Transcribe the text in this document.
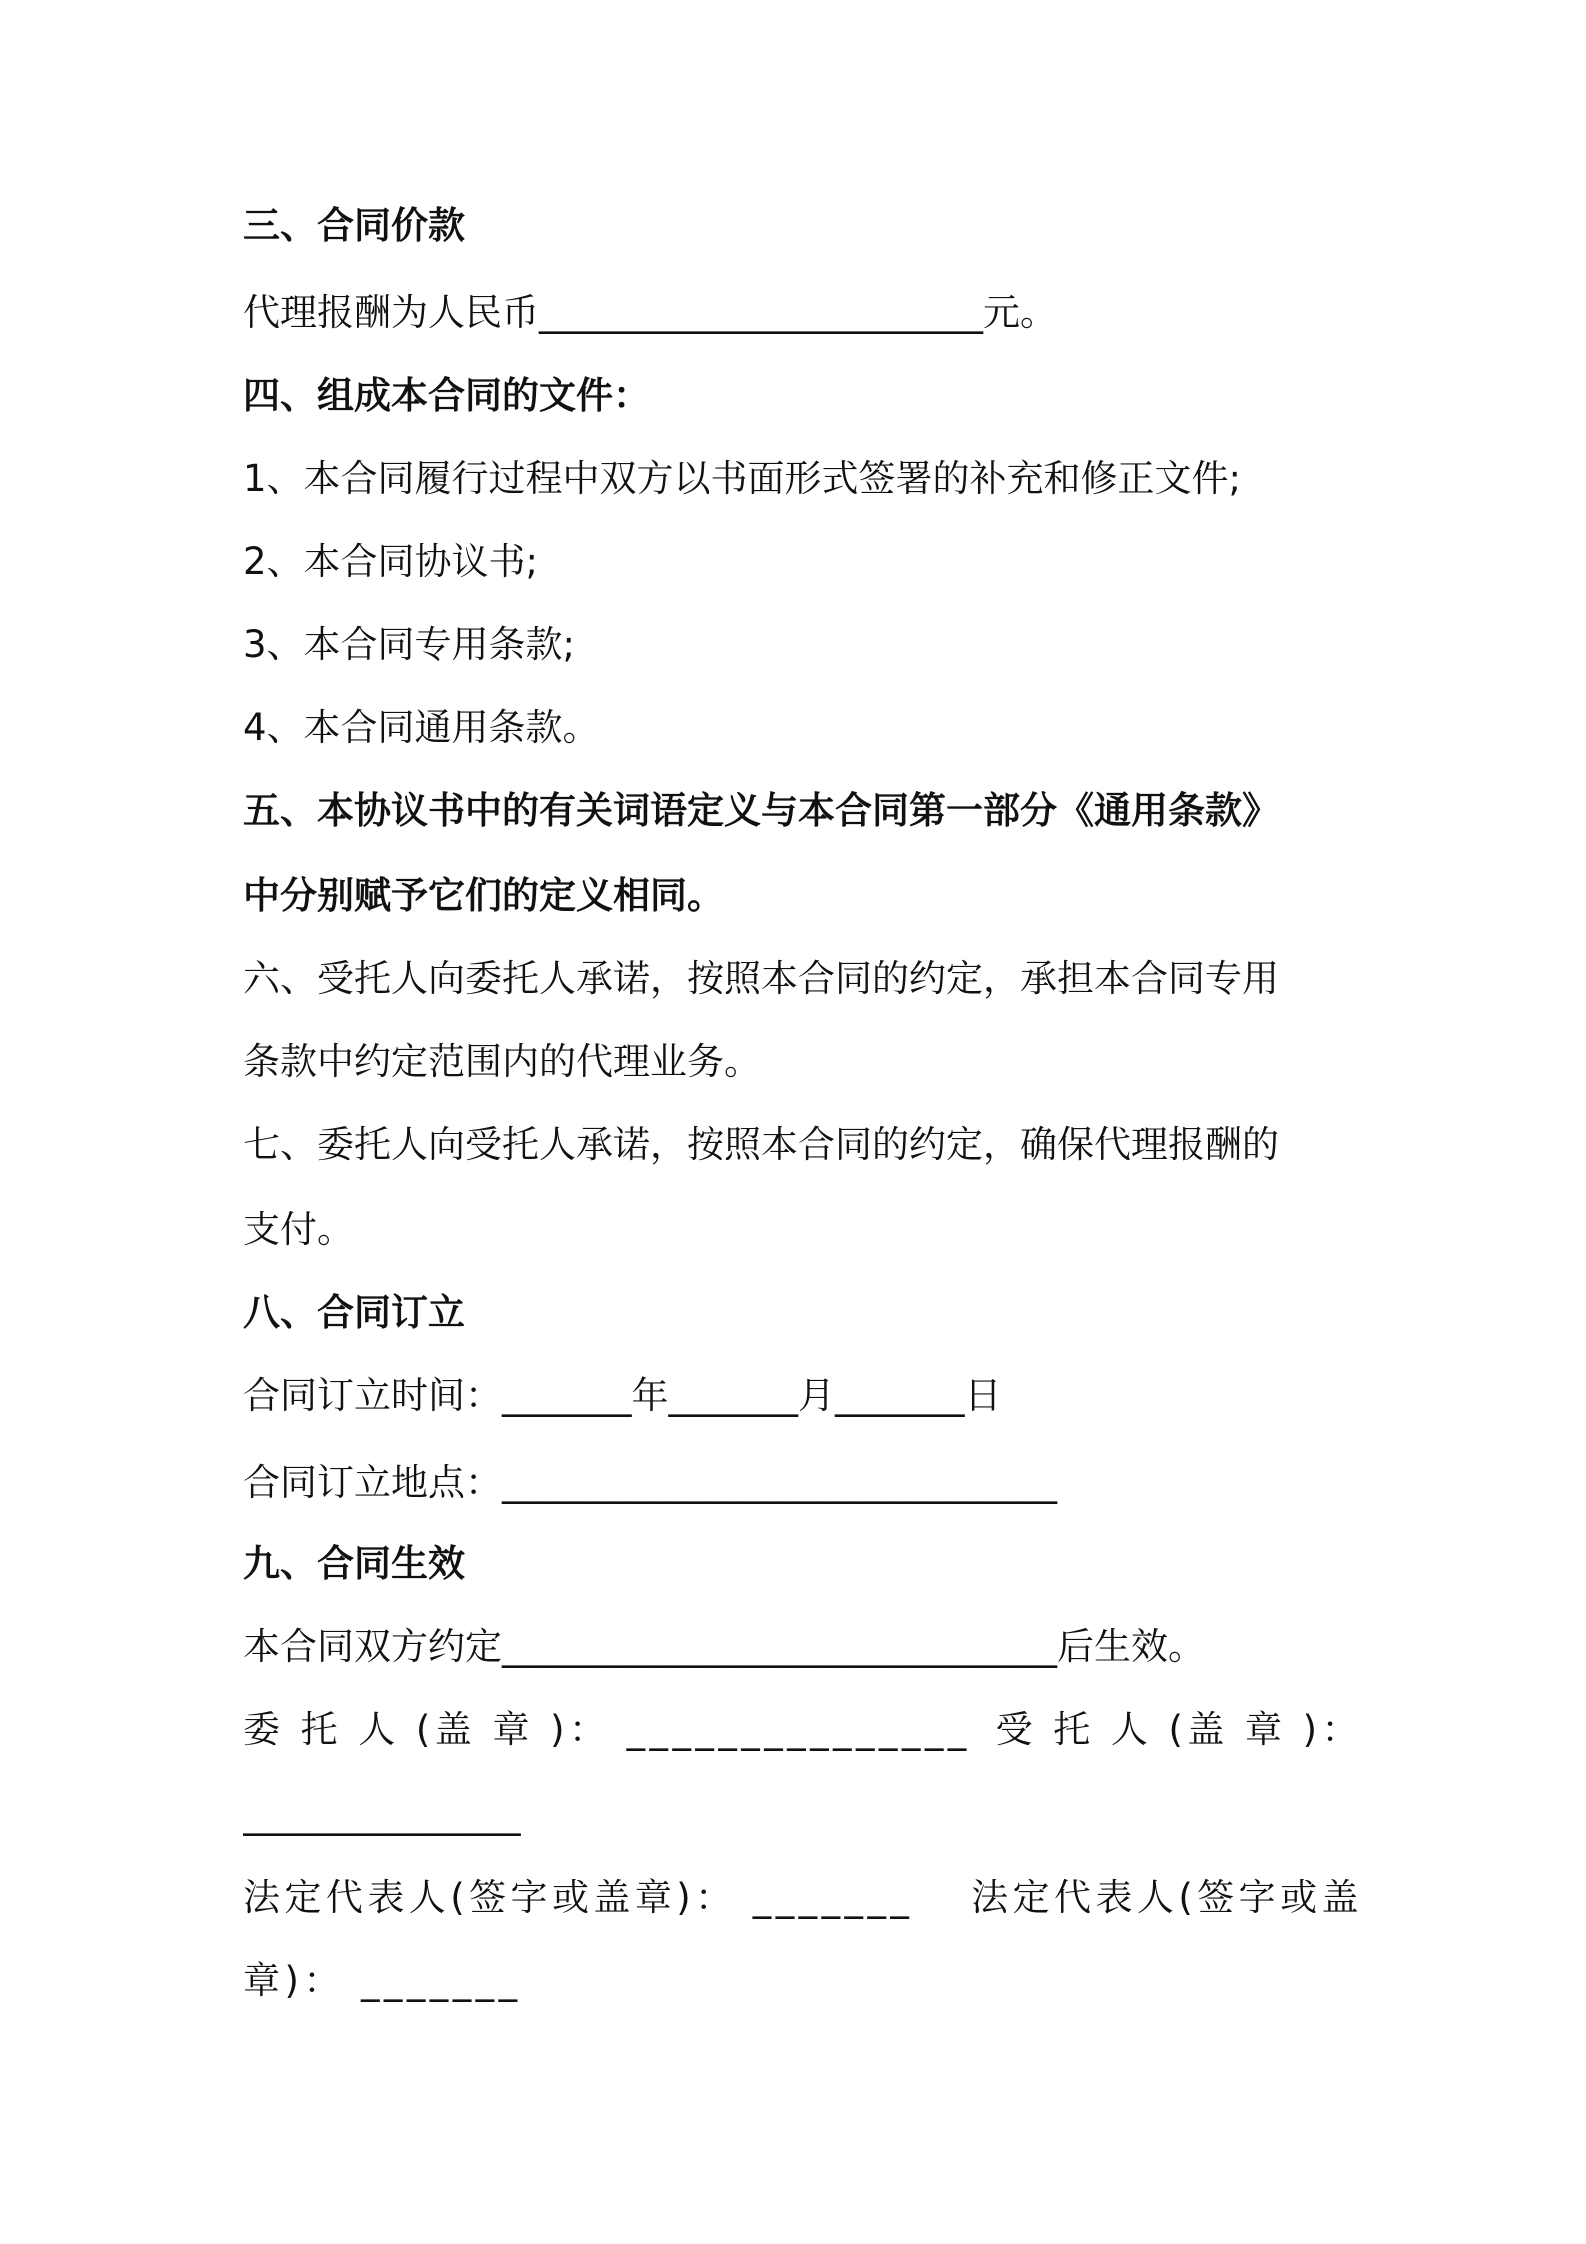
三、合同价款
代理报酬为人民币________________________元。
四、组成本合同的文件：
1、本合同履行过程中双方以书面形式签署的补充和修正文件;
2、本合同协议书;
3、本合同专用条款;
4、本合同通用条款。
五、本协议书中的有关词语定义与本合同第一部分《通用条款》
中分别赋予它们的定义相同。
六、受托人向委托人承诺，按照本合同的约定，承担本合同专用
条款中约定范围内的代理业务。
七、委托人向受托人承诺，按照本合同的约定，确保代理报酬的
支付。
八、合同订立
合同订立时间：_______年_______月_______日
合同订立地点：______________________________
九、合同生效
本合同双方约定______________________________后生效。
委 托 人 (盖 章 )： _______________ 受 托 人 (盖 章 )：
_______________
法定代表人(签字或盖章)： _______ 法定代表人(签字或盖
章)： _______
